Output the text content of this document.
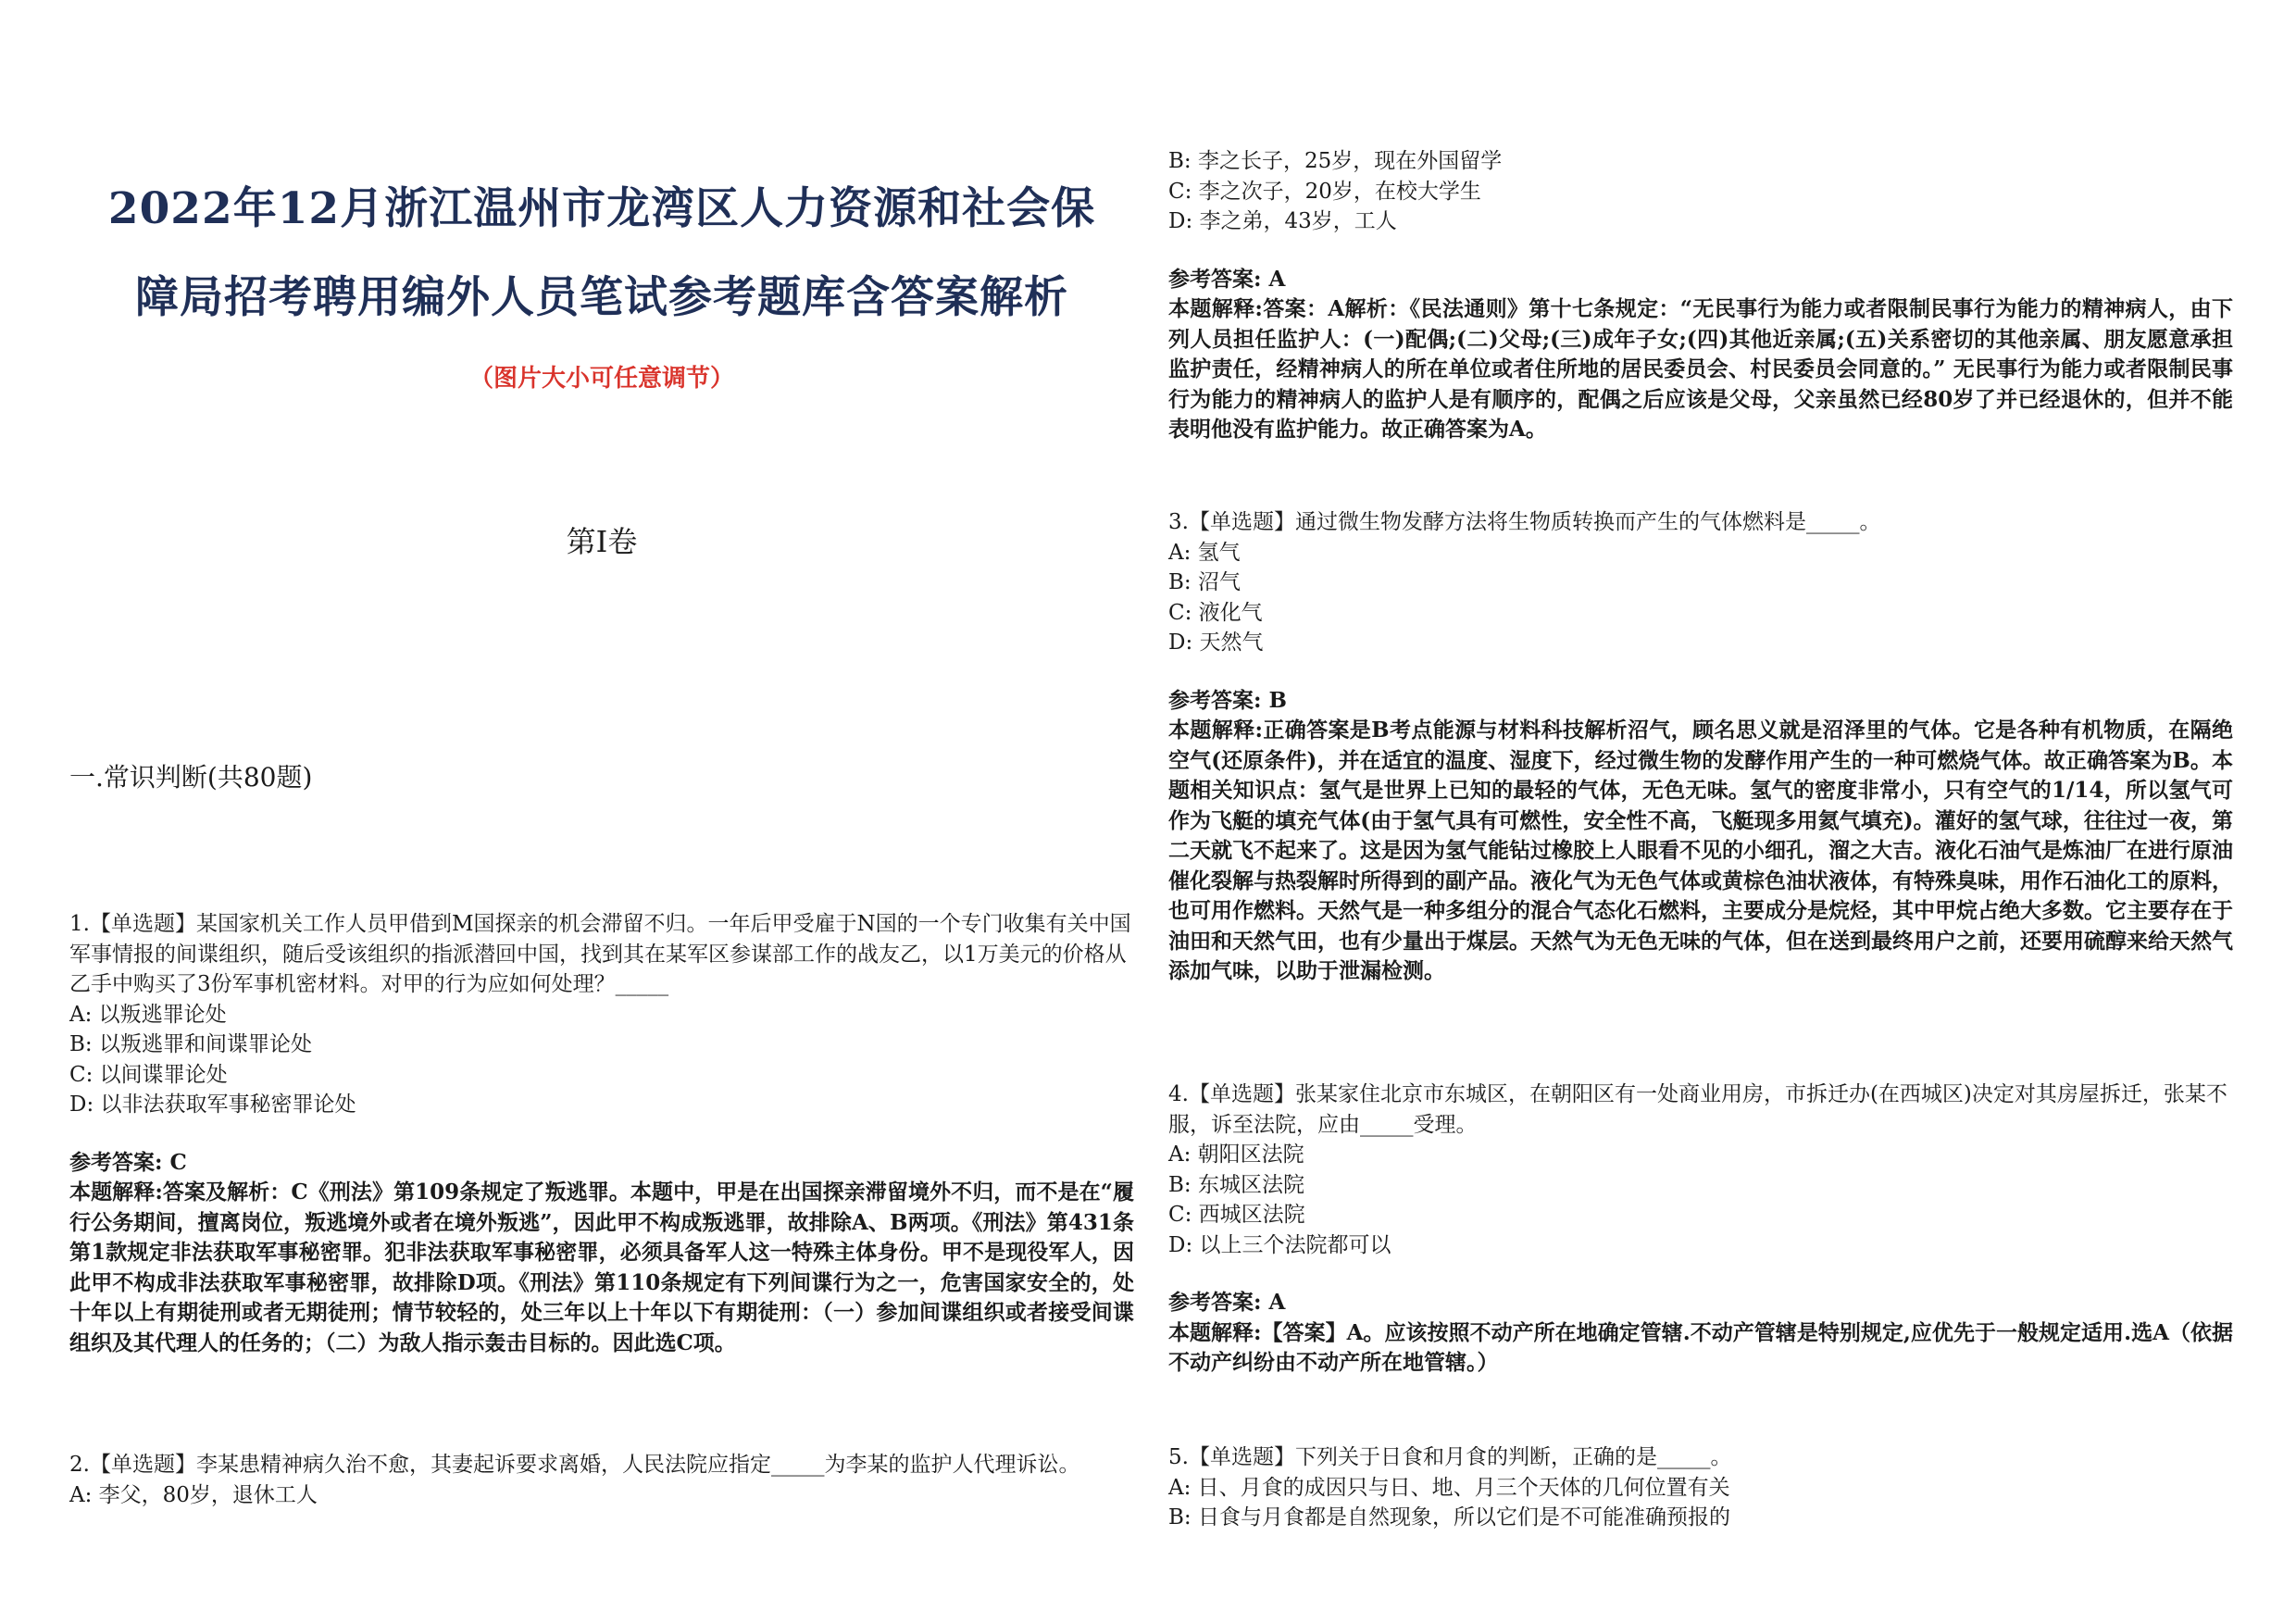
2022年12月浙江温州市龙湾区人力资源和社会保
障局招考聘用编外人员笔试参考题库含答案解析
（图片大小可任意调节）
第I卷
一.常识判断(共80题)

1.【单选题】某国家机关工作人员甲借到M国探亲的机会滞留不归。一年后甲受雇于N国的一个专门收集有关中国军事情报的间谍组织，随后受该组织的指派潜回中国，找到其在某军区参谋部工作的战友乙，以1万美元的价格从乙手中购买了3份军事机密材料。对甲的行为应如何处理？_____

A: 以叛逃罪论处

B: 以叛逃罪和间谍罪论处

C: 以间谍罪论处

D: 以非法获取军事秘密罪论处

参考答案: C

本题解释:答案及解析：C《刑法》第109条规定了叛逃罪。本题中，甲是在出国探亲滞留境外不归，而不是在“履行公务期间，擅离岗位，叛逃境外或者在境外叛逃”，因此甲不构成叛逃罪，故排除A、B两项。《刑法》第431条第1款规定非法获取军事秘密罪。犯非法获取军事秘密罪，必须具备军人这一特殊主体身份。甲不是现役军人，因此甲不构成非法获取军事秘密罪，故排除D项。《刑法》第110条规定有下列间谍行为之一，危害国家安全的，处十年以上有期徒刑或者无期徒刑；情节较轻的，处三年以上十年以下有期徒刑：（一）参加间谍组织或者接受间谍组织及其代理人的任务的；（二）为敌人指示轰击目标的。因此选C项。

2.【单选题】李某患精神病久治不愈，其妻起诉要求离婚，人民法院应指定_____为李某的监护人代理诉讼。

A: 李父，80岁，退休工人

B: 李之长子，25岁，现在外国留学

C: 李之次子，20岁，在校大学生

D: 李之弟，43岁，工人

参考答案: A

本题解释:答案：A解析：《民法通则》第十七条规定：“无民事行为能力或者限制民事行为能力的精神病人，由下列人员担任监护人：(一)配偶;(二)父母;(三)成年子女;(四)其他近亲属;(五)关系密切的其他亲属、朋友愿意承担监护责任，经精神病人的所在单位或者住所地的居民委员会、村民委员会同意的。” 无民事行为能力或者限制民事行为能力的精神病人的监护人是有顺序的，配偶之后应该是父母，父亲虽然已经80岁了并已经退休的，但并不能表明他没有监护能力。故正确答案为A。

3.【单选题】通过微生物发酵方法将生物质转换而产生的气体燃料是_____。

A: 氢气

B: 沼气

C: 液化气

D: 天然气

参考答案: B

本题解释:正确答案是B考点能源与材料科技解析沼气，顾名思义就是沼泽里的气体。它是各种有机物质，在隔绝空气(还原条件)，并在适宜的温度、湿度下，经过微生物的发酵作用产生的一种可燃烧气体。故正确答案为B。本题相关知识点：氢气是世界上已知的最轻的气体，无色无味。氢气的密度非常小，只有空气的1/14，所以氢气可作为飞艇的填充气体(由于氢气具有可燃性，安全性不高，飞艇现多用氦气填充)。灌好的氢气球，往往过一夜，第二天就飞不起来了。这是因为氢气能钻过橡胶上人眼看不见的小细孔，溜之大吉。液化石油气是炼油厂在进行原油催化裂解与热裂解时所得到的副产品。液化气为无色气体或黄棕色油状液体，有特殊臭味，用作石油化工的原料，也可用作燃料。天然气是一种多组分的混合气态化石燃料，主要成分是烷烃，其中甲烷占绝大多数。它主要存在于油田和天然气田，也有少量出于煤层。天然气为无色无味的气体，但在送到最终用户之前，还要用硫醇来给天然气添加气味，以助于泄漏检测。

4.【单选题】张某家住北京市东城区，在朝阳区有一处商业用房，市拆迁办(在西城区)决定对其房屋拆迁，张某不服，诉至法院，应由_____受理。

A: 朝阳区法院

B: 东城区法院

C: 西城区法院

D: 以上三个法院都可以

参考答案: A

本题解释:【答案】A。应该按照不动产所在地确定管辖.不动产管辖是特别规定,应优先于一般规定适用.选A（依据不动产纠纷由不动产所在地管辖。）

5.【单选题】下列关于日食和月食的判断，正确的是_____。

A: 日、月食的成因只与日、地、月三个天体的几何位置有关

B: 日食与月食都是自然现象，所以它们是不可能准确预报的
